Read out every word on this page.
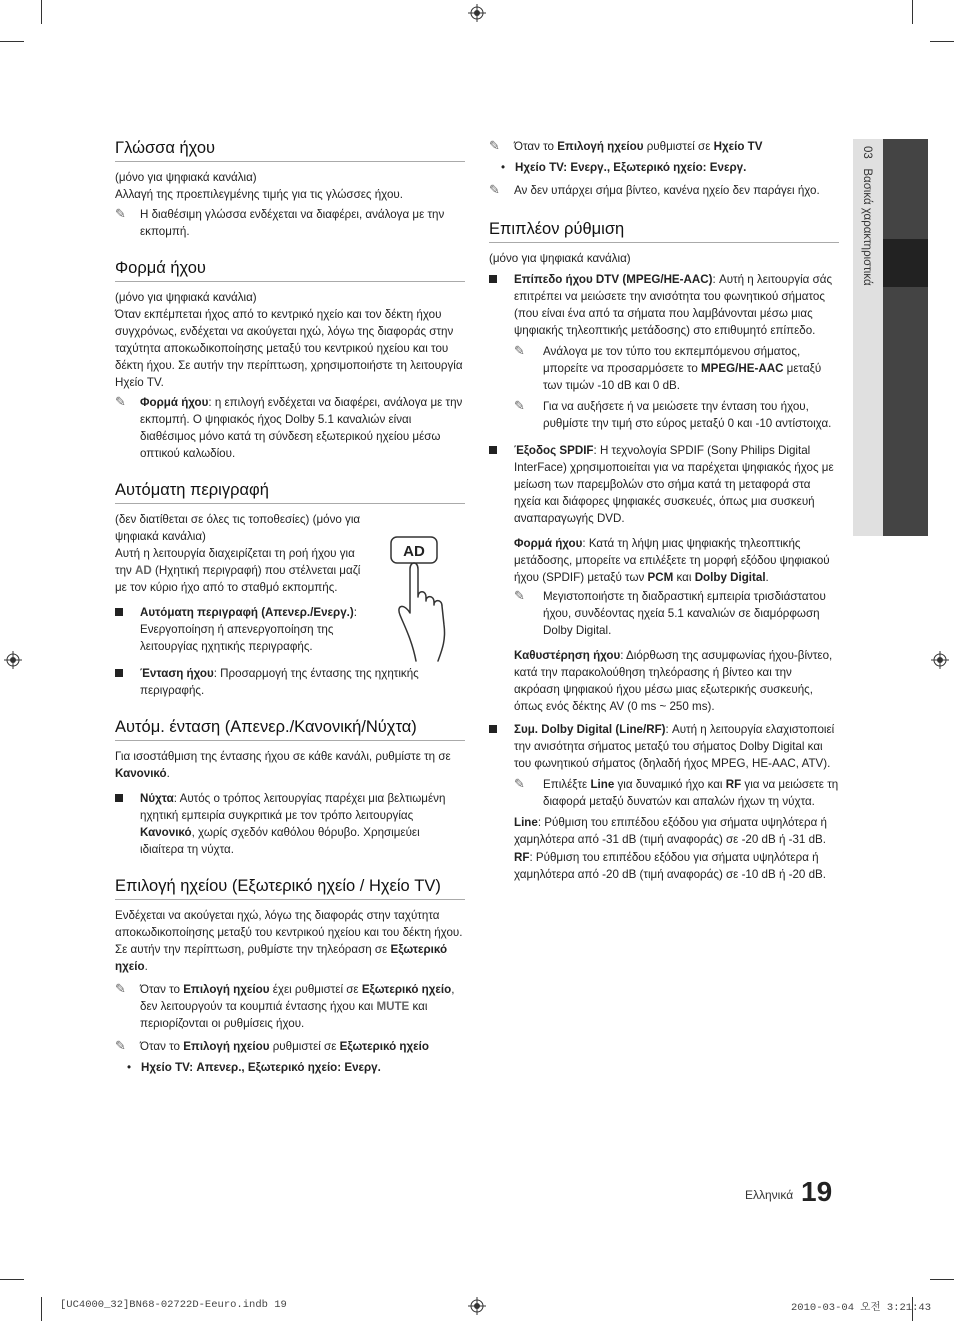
03   Βασικά χαρακτηριστικά
Γλώσσα ήχου

(μόνο για ψηφιακά κανάλια)

Αλλαγή της προεπιλεγμένης τιμής για τις γλώσσες ήχου.

✎ Η διαθέσιμη γλώσσα ενδέχεται να διαφέρει, ανάλογα με την εκπομπή.
Φορμά ήχου

(μόνο για ψηφιακά κανάλια)

Όταν εκπέμπεται ήχος από το κεντρικό ηχείο και τον δέκτη ήχου συγχρόνως, ενδέχεται να ακούγεται ηχώ, λόγω της διαφοράς στην ταχύτητα αποκωδικοποίησης μεταξύ του κεντρικού ηχείου και του δέκτη ήχου. Σε αυτήν την περίπτωση, χρησιμοποιήστε τη λειτουργία Ηχείο TV.

✎ Φορμά ήχου: η επιλογή ενδέχεται να διαφέρει, ανάλογα με την εκπομπή. Ο ψηφιακός ήχος Dolby 5.1 καναλιών είναι διαθέσιμος μόνο κατά τη σύνδεση εξωτερικού ηχείου μέσω οπτικού καλωδίου.
Αυτόματη περιγραφή

(δεν διατίθεται σε όλες τις τοποθεσίες) (μόνο για ψηφιακά κανάλια)

Αυτή η λειτουργία διαχειρίζεται τη ροή ήχου για την AD (Ηχητική περιγραφή) που στέλνεται μαζί με τον κύριο ήχο από το σταθμό εκπομπής.

Αυτόματη περιγραφή (Απενερ./Ενεργ.): Ενεργοποίηση ή απενεργοποίηση της λειτουργίας ηχητικής περιγραφής.
Ένταση ήχου: Προσαρμογή της έντασης της ηχητικής περιγραφής.
Αυτόμ. ένταση (Απενερ./Κανονική/Νύχτα)

Για ισοστάθμιση της έντασης ήχου σε κάθε κανάλι, ρυθμίστε τη σε Κανονικό.

Νύχτα: Αυτός ο τρόπος λειτουργίας παρέχει μια βελτιωμένη ηχητική εμπειρία συγκριτικά με τον τρόπο λειτουργίας Κανονικό, χωρίς σχεδόν καθόλου θόρυβο. Χρησιμεύει ιδιαίτερα τη νύχτα.
Επιλογή ηχείου (Εξωτερικό ηχείο / Ηχείο TV)

Ενδέχεται να ακούγεται ηχώ, λόγω της διαφοράς στην ταχύτητα αποκωδικοποίησης μεταξύ του κεντρικού ηχείου και του δέκτη ήχου. Σε αυτήν την περίπτωση, ρυθμίστε την τηλεόραση σε Εξωτερικό ηχείο.

✎ Όταν το Επιλογή ηχείου έχει ρυθμιστεί σε Εξωτερικό ηχείο, δεν λειτουργούν τα κουμπιά έντασης ήχου και MUTE και περιορίζονται οι ρυθμίσεις ήχου.
✎ Όταν το Επιλογή ηχείου ρυθμιστεί σε Εξωτερικό ηχείο
• Ηχείο TV: Απενερ., Εξωτερικό ηχείο: Ενεργ.
AD
✎ Όταν το Επιλογή ηχείου ρυθμιστεί σε Ηχείο TV
• Ηχείο TV: Ενεργ., Εξωτερικό ηχείο: Ενεργ.
✎ Αν δεν υπάρχει σήμα βίντεο, κανένα ηχείο δεν παράγει ήχο.
Επιπλέον ρύθμιση

(μόνο για ψηφιακά κανάλια)

Επίπεδο ήχου DTV (MPEG/HE-AAC): Αυτή η λειτουργία σάς επιτρέπει να μειώσετε την ανισότητα του φωνητικού σήματος (που είναι ένα από τα σήματα που λαμβάνονται μέσω μιας ψηφιακής τηλεοπτικής μετάδοσης) στο επιθυμητό επίπεδο.
✎ Ανάλογα με τον τύπο του εκπεμπόμενου σήματος, μπορείτε να προσαρμόσετε το MPEG/HE-AAC μεταξύ των τιμών -10 dB και 0 dB.
✎ Για να αυξήσετε ή να μειώσετε την ένταση του ήχου, ρυθμίστε την τιμή στο εύρος μεταξύ 0 και -10 αντίστοιχα.
Έξοδος SPDIF: Η τεχνολογία SPDIF (Sony Philips Digital InterFace) χρησιμοποιείται για να παρέχεται ψηφιακός ήχος με μείωση των παρεμβολών στο σήμα κατά τη μεταφορά στα ηχεία και διάφορες ψηφιακές συσκευές, όπως μια συσκευή αναπαραγωγής DVD.

Φορμά ήχου: Κατά τη λήψη μιας ψηφιακής τηλεοπτικής μετάδοσης, μπορείτε να επιλέξετε τη μορφή εξόδου ψηφιακού ήχου (SPDIF) μεταξύ των PCM και Dolby Digital.

✎ Μεγιστοποιήστε τη διαδραστική εμπειρία τρισδιάστατου ήχου, συνδέοντας ηχεία 5.1 καναλιών σε διαμόρφωση Dolby Digital.

Καθυστέρηση ήχου: Διόρθωση της ασυμφωνίας ήχου-βίντεο, κατά την παρακολούθηση τηλεόρασης ή βίντεο και την ακρόαση ψηφιακού ήχου μέσω μιας εξωτερικής συσκευής, όπως ενός δέκτης AV (0 ms ~ 250 ms).

Συμ. Dolby Digital (Line/RF): Αυτή η λειτουργία ελαχιστοποιεί την ανισότητα σήματος μεταξύ του σήματος Dolby Digital και του φωνητικού σήματος (δηλαδή ήχος MPEG, HE-AAC, ATV).
✎ Επιλέξτε Line για δυναμικό ήχο και RF για να μειώσετε τη διαφορά μεταξύ δυνατών και απαλών ήχων τη νύχτα.

Line: Ρύθμιση του επιπέδου εξόδου για σήματα υψηλότερα ή χαμηλότερα από -31 dB (τιμή αναφοράς) σε -20 dB ή -31 dB.

RF: Ρύθμιση του επιπέδου εξόδου για σήματα υψηλότερα ή χαμηλότερα από -20 dB (τιμή αναφοράς) σε -10 dB ή -20 dB.

Ελληνικά 19
[UC4000_32]BN68-02722D-Eeuro.indb 19	2010-03-04 오전 3:21:43
